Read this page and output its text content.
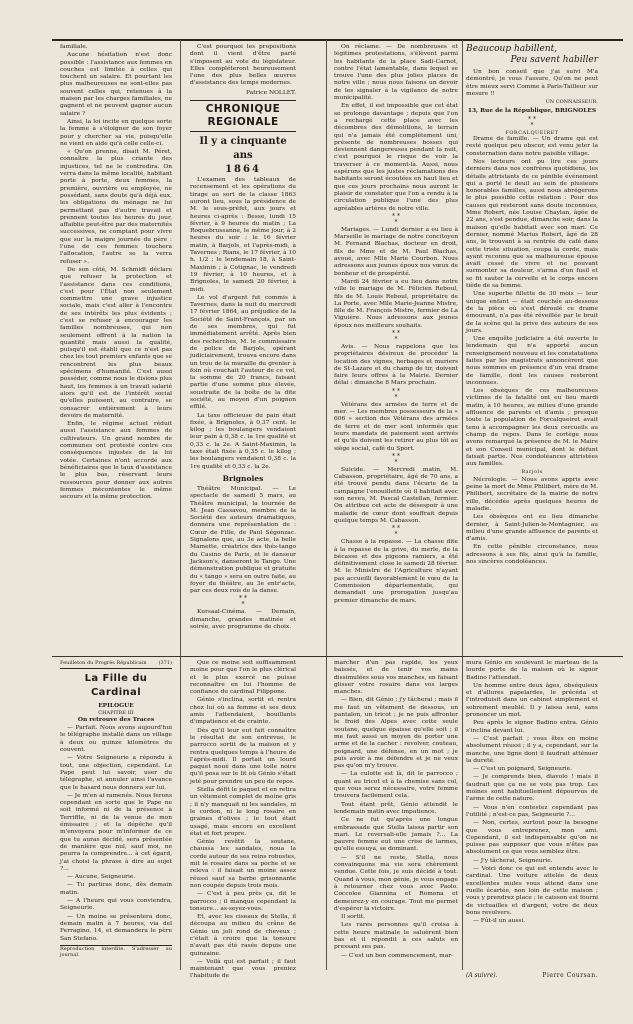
familiale.

Aucune hésitation n'est donc possible : l'assistance aux femmes en couches est limitée à celles qui touchent un salaire. Et pourtant les plus malheureuses ne sont-elles pas souvent celles qui, retenues à la maison par les charges familiales, ne gagnent et ne peuvent gagner aucun salaire ?

Ainsi, la loi incite en quelque sorte la femme à s'éloigner de son foyer pour y chercher sa vie, puisqu'elle ne vient en aide qu'à celle celle-ci.

« Qu'on prenne, disait M. Péret, connaître la plus criante des injustices, tel ne le contredira. On verra dans la même localité, habitant porte à porte, deux femmes, la première, ouvrière ou employée, ne possédant, sans doute qu'à déjà eux, les obligations du ménage ne lui permettant pas d'autre travail et prennent toutes les heures du jour, affaiblie peut-être par des maternités successives, ne comptant pour vivre que sur la maigre journée du père : l'une de ces femmes touchera l'allocation, l'autre se la verra refuser ».

De son côté, M. Schmidt déclare que refuser la protection et l'assistance dans ces conditions, c'est pour l'État non seulement commettre une grave injustice sociale, mais c'est aller à l'encontre de ses intérêts les plus évidents ; c'est se refuser à encourager les familles nombreuses, qui non seulement offrent à la nation la quantité mais aussi la qualité, puisqu'il est établi que ce n'est pas chez les tout premiers enfants que se rencontrent les plus beaux spécimens d'humanité. C'est aussi posséder, comme nous le disions plus haut, les femmes à un travail salarié alors qu'il est de l'intérêt social qu'elles puissent, au contraire, se consacrer entièrement à leurs devoirs de maternité.

Enfin, le régime actuel réduit aussi l'assistance aux femmes de cultivateurs. Un grand nombre de communes ont protesté contre ces conséquences injustes de la loi votée. Certaines n'ont accordé aux bénéficiaires que le taux d'assistance le plus bas, réservant leurs ressources pour donner aux autres femmes mécontentes le même secours et la même protection.

C'est pourquoi les propositions dont il vient d'être parlé s'imposent au vote du législateur. Elles compléteront heureusement l'une des plus belles œuvres d'assistance des temps modernes.

Patrice NOLLET.
CHRONIQUE REGIONALE
Il y a cinquante ans
1864

L'examen des tableaux de recensement et les opérations du tirage au sort de la classe 1863 auront lieu, sous la présidence de M. le sous-préfet, aux jours et heures ci-après : Besse, lundi 15 février, à 9 heures du matin ; La Roquebrussanne, le même jour, à 2 heures du soir ; le 16 février matin, à Barjols, et l'après-midi, à Tavernes ; Rians, le 17 février, à 10 h. 1/2 ; le lendemain 18, à Saint-Maximin ; à Cotignac, le vendredi 19 février, à 10 heures, et à Brignoles, le samedi 20 février, à midi.

Le vol d'argent fut commis à Tavernes, dans la nuit du mercredi 17 février 1864, au préjudice de la Société de Saint-François, par un de ses membres, qui fut immédiatement arrêté. Après bien des recherches, M. le commissaire de police de Barjols, opérant judiciairement, trouva encore dans un trou de la muraille du grenier à foin où couchait l'auteur de ce vol, la somme de 20 francs, faisant partie d'une somme plus élevée, soustraite de la boîte de la dite société, au moyen d'un poignon effilé.

La taxe officieuse du pain était fixée, à Brignoles, à 0,37 cent. le kilog ; les boulangers vendaient leur pain à 0,38 c. la 1re qualité et 0,33 c. la 2e. A Saint-Maximin, la taxe était fixée à 0,35 c. le kilog ; les boulangers vendaient 0,38 c. la 1re qualité et 0,33 c. la 2e.

Brignoles

Théâtre Municipal. — Le spectacle de samedi 5 mars, au Théâtre municipal, la tournée de M. Jean Cassavou, membre de la Société des auteurs dramatiques, donnera une représentation de : Cœur de Fille, de Paul Ségonzac. Signalons que, au 3e acte, la belle Mamette, créatrice des thés-tango du Casino de Paris, et le danseur Jackson's, danseront le Tango. Une démonstration publique et gratuite du « tango » sera en outre faite, au foyer du théâtre, au 3e entr'acte, par ces deux rois de la danse.

* *
*

Kursaal-Cinéma. — Demain, dimanche, grandes matinée et soirée, avec programme de choix.

On réclame. — De nombreuses et légitimes protestations, s'élèvent parmi les habitants de la place Sadi-Carnot, contre l'état lamentable, dans lequel se trouve l'une des plus jolies places de notre ville ; nous nous faisons un devoir de les signaler à la vigilance de notre municipalité.

En effet, il est impossible que cet état se prolonge davantage ; depuis que l'on a rechargé cette place avec les décombres des démolitions, le terrain qui n'a jamais été complètement uni, présente de nombreuses bosses qui deviennent dangereuses pendant la nuit, c'est pourquoi le risque de voir la traverser à ce moment-là. Aussi, nous espérons que les justes réclamations des habitants seront écoutées en haut lieu et que ces jours prochains nous auront le plaisir de constater que l'on a rendu à la circulation publique l'une des plus agréables artères de notre ville.

* *
*

Mariages. — Lundi dernier a eu lieu à Marseille le mariage de notre concitoyen M. Fernand Blachas, docteur en droit, fils de Mme et de M. Paul Blachas, avoué, avec Mlle Marie Courbon. Nous adressons aux jeunes époux nos vœux de bonheur et de prospérité.

Mardi 24 février a eu lieu dans notre ville le mariage de M. Félicien Reboul, fils de M. Louis Reboul, propriétaire de La Porte, avec Mlle Marie-Jeanne Mistre, fille de M. François Mistre, fermier de La Viguière. Nous adressons aux jeunes époux nos meilleurs souhaits.

* *
*

Avis. — Nous rappelons que les propriétaires désireux de procéder la location des vignes, herbages et muriers de St-Lazare et du champ de tir, doivent faire leurs offres à la Mairie. Dernier délai : dimanche 8 Mars prochain.

* *
*

Vétérans des armées de terre et de mer. — Les membres possesseurs de la « 606 » section des Vétérans des armées de terre et de mer sont informés que leurs mandats de paiement sont arrivés et qu'ils doivent les retirer au plus tôt au siège social, café du Sport.

* *
*

Suicide. — Mercredi matin, M. Cabasson, propriétaire, âgé de 70 ans, a été trouvé pendu dans l'écurie de la campagne l'enouillette où il habitait avec son neveu, M. Pascal Castellan, fermier. On attribue cet acte de désespoir à une maladie de cœur dont souffrait depuis quelque temps M. Cabasson.

* *
*

Chasse à la repasse. — La chasse dite à la repasse de la grive, du merle, de la bécasse et des pigeons ramiers, a été définitivement close le samedi 28 février. M. le Ministre de l'Agriculture n'ayant pas accueilli favorablement le vœu de la Commission départementale, qui demandait une prorogation jusqu'au premier dimanche de mars.

Beaucoup habillent,
Peu savent habiller

Un bon conseil que j'ai suivi M'a démontré, je vous l'assure, Qu'on ne peut être mieux servi Comme à Paris-Tailleur sur mesure !!

UN CONNAISSEUR.
13, Rue de la République, BRIGNOLES
* *
*
FORCALQUEIRET

Drame de famille. — Un drame qui est resté quelque peu obscur, est venu jeter la consternation dans notre paisible village.

Nos lecteurs ont pu lire ces jours derniers dans nos confrères quotidiens, les détails attristants de ce pénible événement qui a porté le deuil au sein de plusieurs honorables familles, aussi nous abrégerons le plus possible cette relation : Pour des causes qui resteront sans doute inconnues, Mme Robert, née Louise Chaylan, âgée de 22 ans, s'est pendue, dimanche soir, dans la maison qu'elle habitait avec son mari. Ce dernier, nommé Marius Robert, âgé de 28 ans, le trouvant à sa rentrée du café dans cette triste situation, coupa la corde, mais ayant reconnu que sa malheureuse épouse avait cessé de vivre et ne pouvant surmonter sa douleur, s'arma d'un fusil et se fit sauter la cervelle et le corps encore tiède de sa femme.

Une superbe fillette de 30 mois — leur unique enfant — était couchée au-dessous de la pièce où s'est déroulé ce drame émouvant, n'a pas été réveillée par le bruit de la scène qui la prive des auteurs de ses jours.

Une enquête judiciaire a été ouverte le lendemain qui n'a apporté aucun renseignement nouveau et les constatations faites par les magistrats annoncèrent que nous sommes en présence d'un vrai drame de famille, dont les causes resteront inconnues.

Les obsèques de ces malheureuses victimes de la fatalité ont eu lieu mardi matin, à 10 heures, au milieu d'une grande affluence de parents et d'amis ; presque toute la population de Forcalqueiret avait tenu à accompagner les deux cercueils au champ de repos. Dans le cortège nous avons remarqué la présence de M. le Maire et son Conseil municipal, dont le défunt faisait partie. Nos condoléances attristées aux familles.

Barjols

Nécrologie. — Nous avons appris avec peine la mort de Mme Philibert, mère de M. Philibert, secrétaire de la mairie de notre ville, décédée après quelques heures de maladie.

Les obsèques ont eu lieu dimanche dernier, à Saint-Julien-le-Montagnier, au milieu d'une grande affluence de parents et d'amis.

En cette pénible circonstance, nous adressons à ses fils, ainsi qu'à la famille, nos sincères condoléances.

Feuilleton du Progrès Républicain (371)
La Fille du Cardinal
EPILOGUE
CHAPITRE III
On retrouve des Traces

— Parfait. Nous avons aujourd'hui le télégraphe installé dans un village à deux ou quinze kilomètres du couvent.

— Votre Seigneurie a répondu à tout, une objection, cependant. Le Pape peut lui savoir, user du télégraphe, et annuler ainsi l'avance que le hasard nous donnera sur lui.

— Je m'en ai ramenés. Nous ferons cependant en sorte que le Pape ne soit informé ni de la présence à Terriffle, ni de la venue de mon émissaire ; et la dépêche qu'il m'envoyera pour m'informer de ce que tu auras décidé, sera présentée de manière que nul, sauf moi, ne pourra la comprendre... à cet égard, j'ai choisi la phrase à dire au sujet ?...

— Aucune, Seigneurie.

— Tu partiras donc, dès demain matin.

— A l'heure qui vous conviendra, Seigneurie.

— Un moine se présentera donc, demain matin à 7 heures, via del Ferragino, 14, et demandera le père San Stefano.

Reproduction interdite. S'adresser au journal.

Que ce moine soit suffisamment moine pour que l'on le plus clérical et le plus exercé ne puisse reconnaître en lui l'homme de confiance du cardinal Filippone.

Génio s'inclina, sortit et rentra chez lui où sa femme et ses deux amis l'attendaient, bouillants d'impatience et de crainte.

Dès qu'il leur eut fait connaître le résultat de son entrevue, le parrocco sortit de la maison et y rentra quelques temps à l'heure de l'après-midi. Il portait un lourd paquet noué dans une toile noire qu'il posa sur le lit où Génio s'était jeté pour prendre un peu de repos.

Stella défit le paquet et en retira un vêtement complet de moine gris ; il n'y manquait ni les sandales, ni le cordon, ni le long rosaire en graines d'olives ; le tout était usagé, mais encore en excellent état et fort propre.

Génio revêtit la soutane, chaussa les sandales, noua la corde autour de ses reins robustes, mit le rosaire dans sa poche et se releva : il faisait un moine assez réussi sauf sa barbe grisonnante non coupée depuis trois mois.

— C'est à peu près ça, dit le parrocco ; il manque cependant la tonsure... as-seyez-vous.

Et, avec les ciseaux de Stella, il découpa au milieu du crâne de Génio un joli rond de cheveux ; c'était à croire que la tonsure n'avait pas été rasée depuis une quinzaine.

— Voilà qui est parfait ; il faut maintenant que vous preniez l'habitude de

marcher d'un pas rapide, les yeux baissés, et de tenir vos mains dissimulées sous vos manches, en faisant glisser votre rosaire dans vos larges manches.

— Bien, dit Génio ; j'y tâcherai ; mais il me faut un vêtement de dessous, un pantalon, un tricot ; je ne puis affronter le froid des Alpes avec cette seule soutane, quelque épaisse qu'elle soit ; il me faut aussi un moyen de porter une arme et de la cacher : revolver, couteau, poignard, une défense, en un mot ; je puis avoir à me défendre et je ne veux pas qu'on m'y trouve.

— La culotte est là, dit le parrocco ; quant au tricot et à la chemise sans col, que vous serez nécessaire, votre femme trouvera facilement cela.

Tout étant prêt, Génio attendit le lendemain matin avec impatience.

Ce ne fut qu'après une longue embrassade que Stella laissa partir son mari. Le reversali-elle jamais ?... La pauvre femme eut une crise de larmes, qu'elle essuya, se dominant.

— S'il ne reste, Stella, nous convainquons ma vie sera chèrement vendue. Cette fois, je suis décidé à tout. Quand à vous, mon génie, je vous engage à retourner chez vous avec Paolo. Coccolee Giannina et Romona et demeurez-y en courage. Tout me permet d'espérer la victoire.

Il sortit.

Les rares personnes qu'il croisa à cette heure matinale le saluèrent bien bas et il répondit à ces saluts en pressant ses pas.

— C'est un bon commencement, mar-

mura Génio en soulevant le marteau de la lourde porte de la maison où le signor Badino l'attendait.

Un homme entre deux âges, obséquieux et d'allures papelardes, le précéda et l'introduisit dans un cabinet simplement et sobrement meublé. Il y laissa seul, sans prononcer un mot.

Peu après le signor Badino entra. Génio s'inclina devant lui.

— C'est parfait ; vous êtes on moine absolument réussi ; il y a, cependant, sur la manche, une ligne dont il faudrait atténuer la dureté.

— C'est un poignard, Seigneurie.

— Je comprends bien, diavolo ! mais il faudrait que ça ne se vois pas trop. Les moines sont habituellement dépourvus de l'arme de cette nature.

— Vous n'en contestez cependant pas l'utilité ; n'est-ce pas, Seigneurie ?...

— Non, certes, surtout pour la besogne que vous entreprenez, mon ami. Cependant, il est indispensable qu'on ne puisse pas supposer que vous n'êtes pas absolument ce que vous semblez être.

— J'y tâcherai, Seigneurie.

— Voici donc ce qui est entendu avec le cardinal. Une voiture attelée de deux excellentes mules vous attend dans une ruelle écartée, non loin de cette maison ; vous y prendrez place ; le caisson est fourni de victuailles et d'argent, votre de deux bons revolvers.

— Fût-il un aussi.

(A suivre).	Pierre Coursan.
